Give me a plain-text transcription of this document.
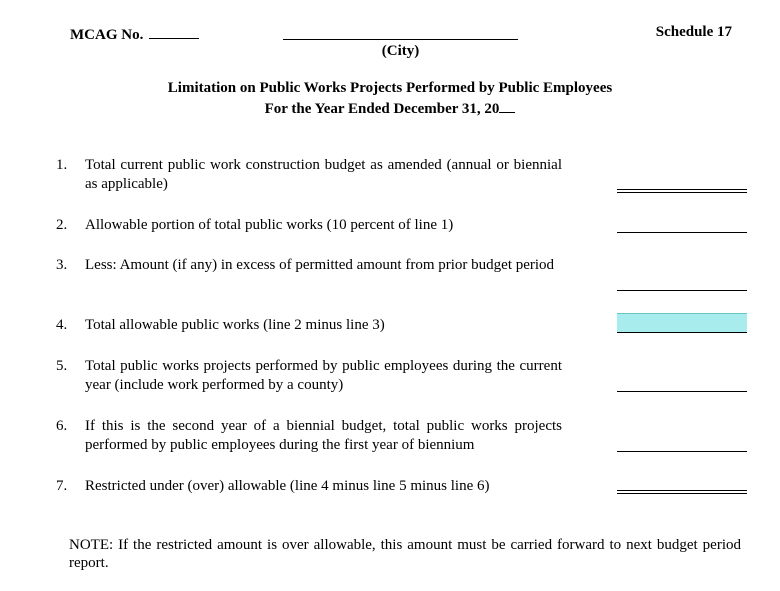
MCAG No.
(City)
Schedule 17
Limitation on Public Works Projects Performed by Public Employees
For the Year Ended December 31, 20
1.	Total current public work construction budget as amended (annual or biennial as applicable)
2.	Allowable portion of total public works (10 percent of line 1)
3.	Less: Amount (if any) in excess of permitted amount from prior budget period
4.	Total allowable public works (line 2 minus line 3)
5.	Total public works projects performed by public employees during the current year (include work performed by a county)
6.	If this is the second year of a biennial budget, total public works projects performed by public employees during the first year of biennium
7.	Restricted under (over) allowable (line 4 minus line 5 minus line 6)
NOTE: If the restricted amount is over allowable, this amount must be carried forward to next budget period report.
